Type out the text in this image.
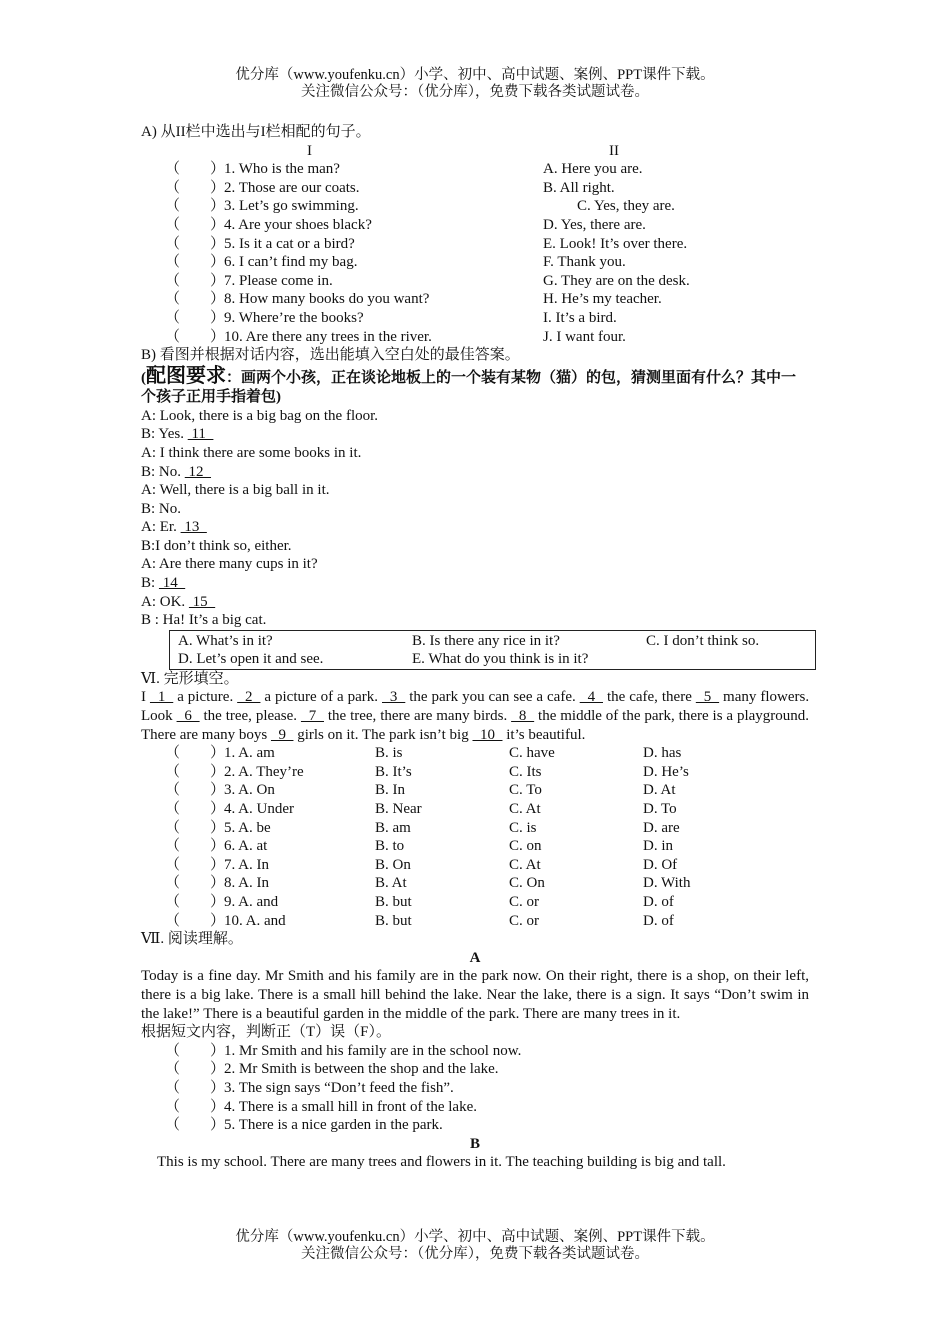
优分库（www.youfenku.cn）小学、初中、高中试题、案例、PPT课件下载。
关注微信公众号：（优分库），免费下载各类试题试卷。
A) 从II栏中选出与I栏相配的句子。
I	II
（　　）
1. Who is the man?	A. Here you are.
（　　）
2. Those are our coats.	B. All right.
（　　）
3. Let’s go swimming.	C. Yes, they are.
（　　）
4. Are your shoes black?	D. Yes, there are.
（　　）
5. Is it a cat or a bird?	E. Look! It’s over there.
（　　）
6. I can’t find my bag.	F. Thank you.
（　　）
7. Please come in.	G. They are on the desk.
（　　）
8. How many books do you want?	H. He’s my teacher.
（　　）
9. Where’re the books?	I. It’s a bird.
（　　）
10. Are there any trees in the river.	J. I want four.
B) 看图并根据对话内容，选出能填入空白处的最佳答案。
(配图要求：画两个小孩，正在谈论地板上的一个装有某物（猫）的包，猜测里面有什么？其中一个孩子正用手指着包)
A: Look, there is a big bag on the floor.
B: Yes.  11
A: I think there are some books in it.
B: No.  12
A: Well, there is a big ball in it.
B: No.
A: Er.  13
B:I don’t think so, either.
A: Are there many cups in it?
B:  14
A: OK.  15
B : Ha! It’s a big cat.
A. What’s in it?	B. Is there any rice in it?	C. I don’t think so.
D. Let’s open it and see.	E. What do you think is in it?
Ⅵ. 完形填空。
I   1   a picture.   2   a picture of a park.   3   the park you can see a cafe.   4   the cafe, there   5   many flowers. Look   6   the tree, please.   7   the tree, there are many birds.   8   the middle of the park, there is a playground. There are many boys   9   girls on it. The park isn’t big   10   it’s beautiful.
（　　）
1. A. am	B. is	C. have	D. has
（　　）
2. A. They’re	B. It’s	C. Its	D. He’s
（　　）
3. A. On	B. In	C. To	D. At
（　　）
4. A. Under	B. Near	C. At	D. To
（　　）
5. A. be	B. am	C. is	D. are
（　　）
6. A. at	B. to	C. on	D. in
（　　）
7. A. In	B. On	C. At	D. Of
（　　）
8. A. In	B. At	C. On	D. With
（　　）
9. A. and	B. but	C. or	D. of
（　　）
10. A. and	B. but	C. or	D. of
Ⅶ. 阅读理解。
A
Today is a fine day. Mr Smith and his family are in the park now. On their right, there is a shop, on their left, there is a big lake. There is a small hill behind the lake. Near the lake, there is a sign. It says “Don’t swim in the lake!” There is a beautiful garden in the middle of the park. There are many trees in it.
根据短文内容，判断正（T）误（F）。
（　　）
1. Mr Smith and his family are in the school now.
（　　）
2. Mr Smith is between the shop and the lake.
（　　）
3. The sign says “Don’t feed the fish”.
（　　）
4. There is a small hill in front of the lake.
（　　）
5. There is a nice garden in the park.
B
This is my school. There are many trees and flowers in it. The teaching building is big and tall.
优分库（www.youfenku.cn）小学、初中、高中试题、案例、PPT课件下载。
关注微信公众号：（优分库），免费下载各类试题试卷。
